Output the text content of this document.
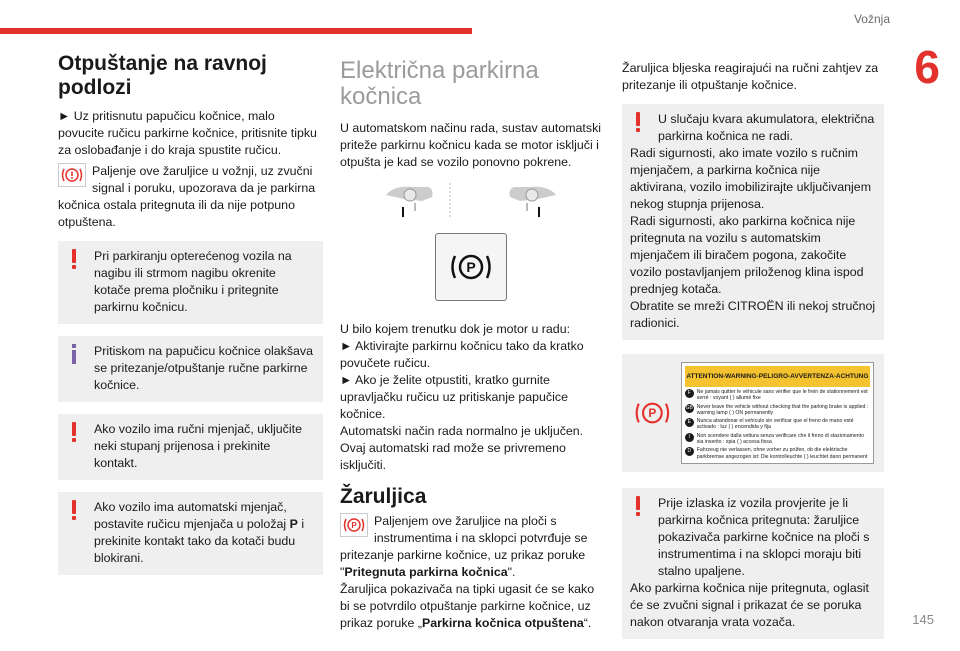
Vožnja
6
145
Otpuštanje na ravnoj podlozi

► Uz pritisnutu papučicu kočnice, malo povucite ručicu parkirne kočnice, pritisnite tipku za oslobađanje i do kraja spustite ručicu.

Paljenje ove žaruljice u vožnji, uz zvučni signal i poruku, upozorava da je parkirna kočnica ostala pritegnuta ili da nije potpuno otpuštena.
Pri parkiranju opterećenog vozila na nagibu ili strmom nagibu okrenite kotače prema pločniku i pritegnite parkirnu kočnicu.
Pritiskom na papučicu kočnice olakšava se pritezanje/otpuštanje ručne parkirne kočnice.
Ako vozilo ima ručni mjenjač, uključite neki stupanj prijenosa i prekinite kontakt.
Ako vozilo ima automatski mjenjač, postavite ručicu mjenjača u položaj P i prekinite kontakt tako da kotači budu blokirani.
Električna parkirna kočnica

U automatskom načinu rada, sustav automatski priteže parkirnu kočnicu kada se motor isključi i otpušta je kad se vozilo ponovno pokrene.

P

U bilo kojem trenutku dok je motor u radu:

► Aktivirajte parkirnu kočnicu tako da kratko povučete ručicu.

► Ako je želite otpustiti, kratko gurnite upravljačku ručicu uz pritiskanje papučice kočnice.

Automatski način rada normalno je uključen. Ovaj automatski rad može se privremeno isključiti.

Žaruljica
P Paljenjem ove žaruljice na ploči s instrumentima i na sklopci potvrđuje se pritezanje parkirne kočnice, uz prikaz poruke "Pritegnuta parkirna kočnica".

Žaruljica pokazivača na tipki ugasit će se kako bi se potvrdilo otpuštanje parkirne kočnice, uz prikaz poruke „Parkirna kočnica otpuštena“.

Žaruljica bljeska reagirajući na ručni zahtjev za pritezanje ili otpuštanje kočnice.

U slučaju kvara akumulatora, električna parkirna kočnica ne radi.

Radi sigurnosti, ako imate vozilo s ručnim mjenjačem, a parkirna kočnica nije aktivirana, vozilo imobilizirajte uključivanjem nekog stupnja prijenosa.

Radi sigurnosti, ako parkirna kočnica nije pritegnuta na vozilu s automatskim mjenjačem ili biračem pogona, zakočite vozilo postavljanjem priloženog klina ispod prednjeg kotača.

Obratite se mreži CITROËN ili nekoj stručnoj radionici.

P
ATTENTION-WARNING-PELIGRO-AVVERTENZA-ACHTUNG
F	Ne jamais quitter le véhicule sans vérifier que le frein de stationnement est serré : voyant ( ) allumé fixe
GB Never leave the vehicle without checking that the parking brake is applied : warning lamp ( ) ON permanently
E	Nunca abandonar el vehículo sin verificar que el freno de mano esté activado : luz ( ) encendida y fija
I	Non scendere dalla vettura senza verificare che il freno di stazionamento sia inserito : spia ( ) accesa fissa
D	Fahrzeug nie verlassen, ohne vorher zu prüfen, ob die elektrische parkbremse angezogen ist: Die kontrolleuchte ( ) leuchtet dann permanent
Prije izlaska iz vozila provjerite je li parkirna kočnica pritegnuta: žaruljice pokazivača parkirne kočnice na ploči s instrumentima i na sklopci moraju biti stalno upaljene.

Ako parkirna kočnica nije pritegnuta, oglasit će se zvučni signal i prikazat će se poruka nakon otvaranja vrata vozača.
